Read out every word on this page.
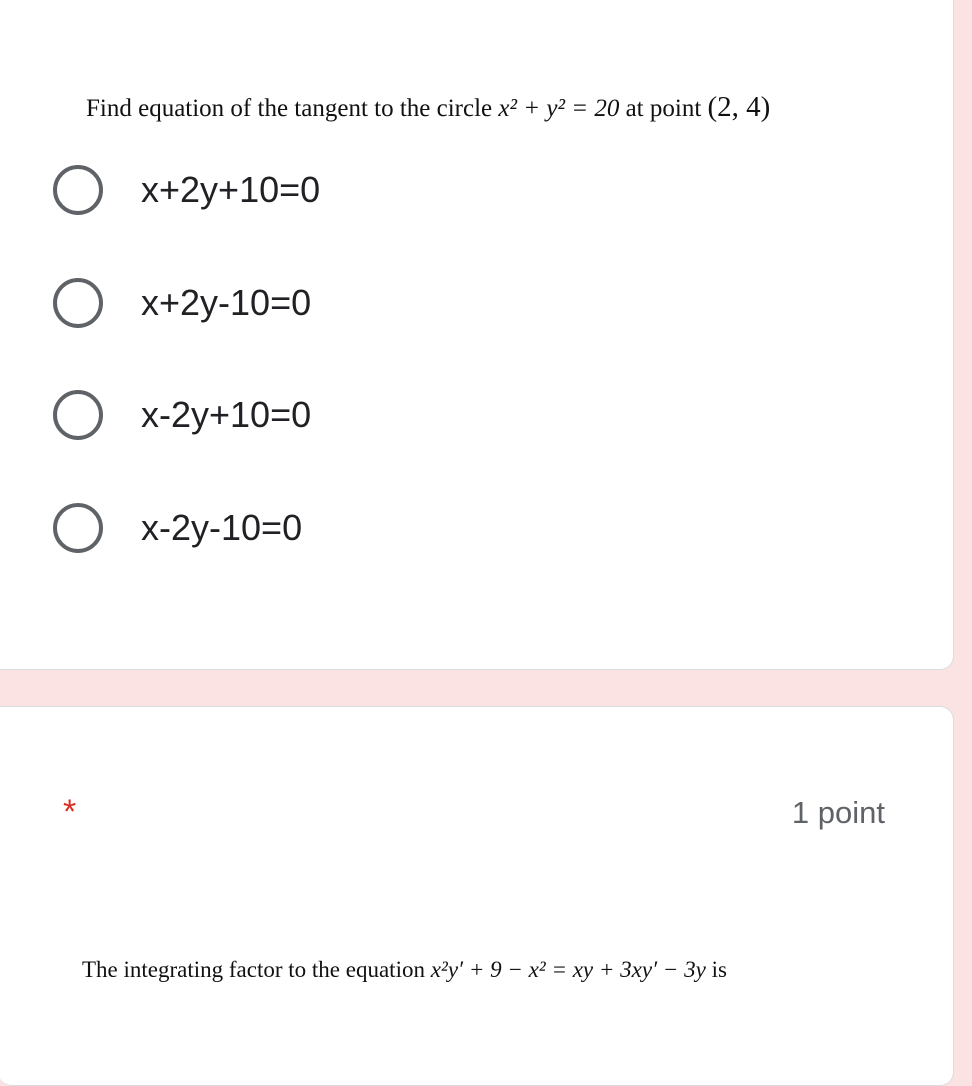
Find equation of the tangent to the circle x² + y² = 20 at point (2, 4)
x+2y+10=0
x+2y-10=0
x-2y+10=0
x-2y-10=0
*	1 point
The integrating factor to the equation x²y′ + 9 − x² = xy + 3xy′ − 3y is
